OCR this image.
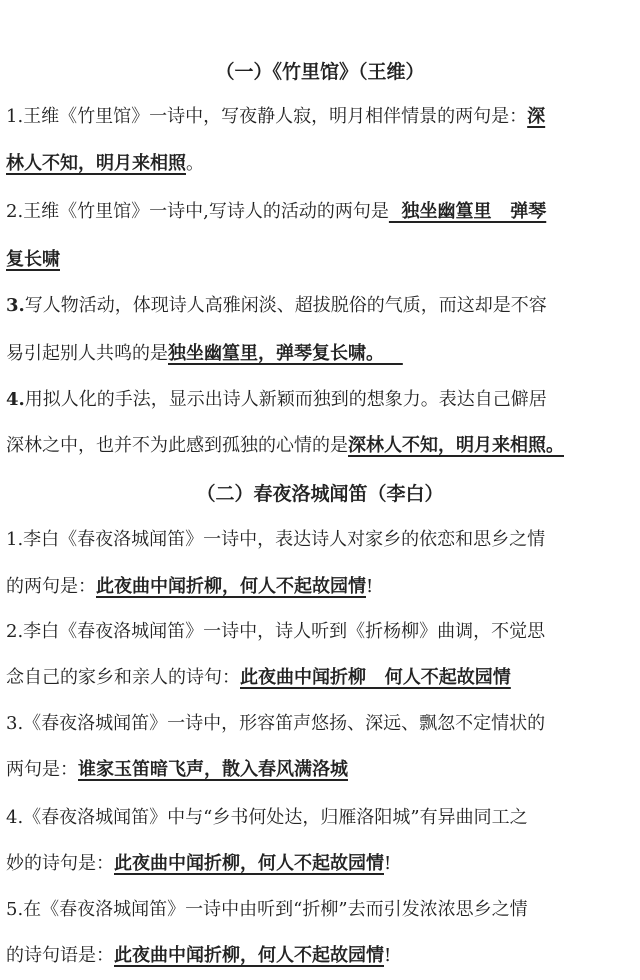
（一）《竹里馆》（王维）
1.王维《竹里馆》一诗中，写夜静人寂，明月相伴情景的两句是：深
林人不知，明月来相照。
2.王维《竹里馆》一诗中,写诗人的活动的两句是  独坐幽篁里   弹琴
复长啸
3.写人物活动，体现诗人高雅闲淡、超拔脱俗的气质，而这却是不容
易引起别人共鸣的是独坐幽篁里，弹琴复长啸。
4.用拟人化的手法，显示出诗人新颖而独到的想象力。表达自己僻居
深林之中，也并不为此感到孤独的心情的是深林人不知，明月来相照。
（二）春夜洛城闻笛（李白）
1.李白《春夜洛城闻笛》一诗中，表达诗人对家乡的依恋和思乡之情
的两句是：此夜曲中闻折柳，何人不起故园情!
2.李白《春夜洛城闻笛》一诗中，诗人听到《折杨柳》曲调，不觉思
念自己的家乡和亲人的诗句：此夜曲中闻折柳   何人不起故园情
3.《春夜洛城闻笛》一诗中，形容笛声悠扬、深远、飘忽不定情状的
两句是：谁家玉笛暗飞声，散入春风满洛城
4.《春夜洛城闻笛》中与“乡书何处达，归雁洛阳城”有异曲同工之
妙的诗句是：此夜曲中闻折柳，何人不起故园情!
5.在《春夜洛城闻笛》一诗中由听到“折柳”去而引发浓浓思乡之情
的诗句语是：此夜曲中闻折柳，何人不起故园情!
